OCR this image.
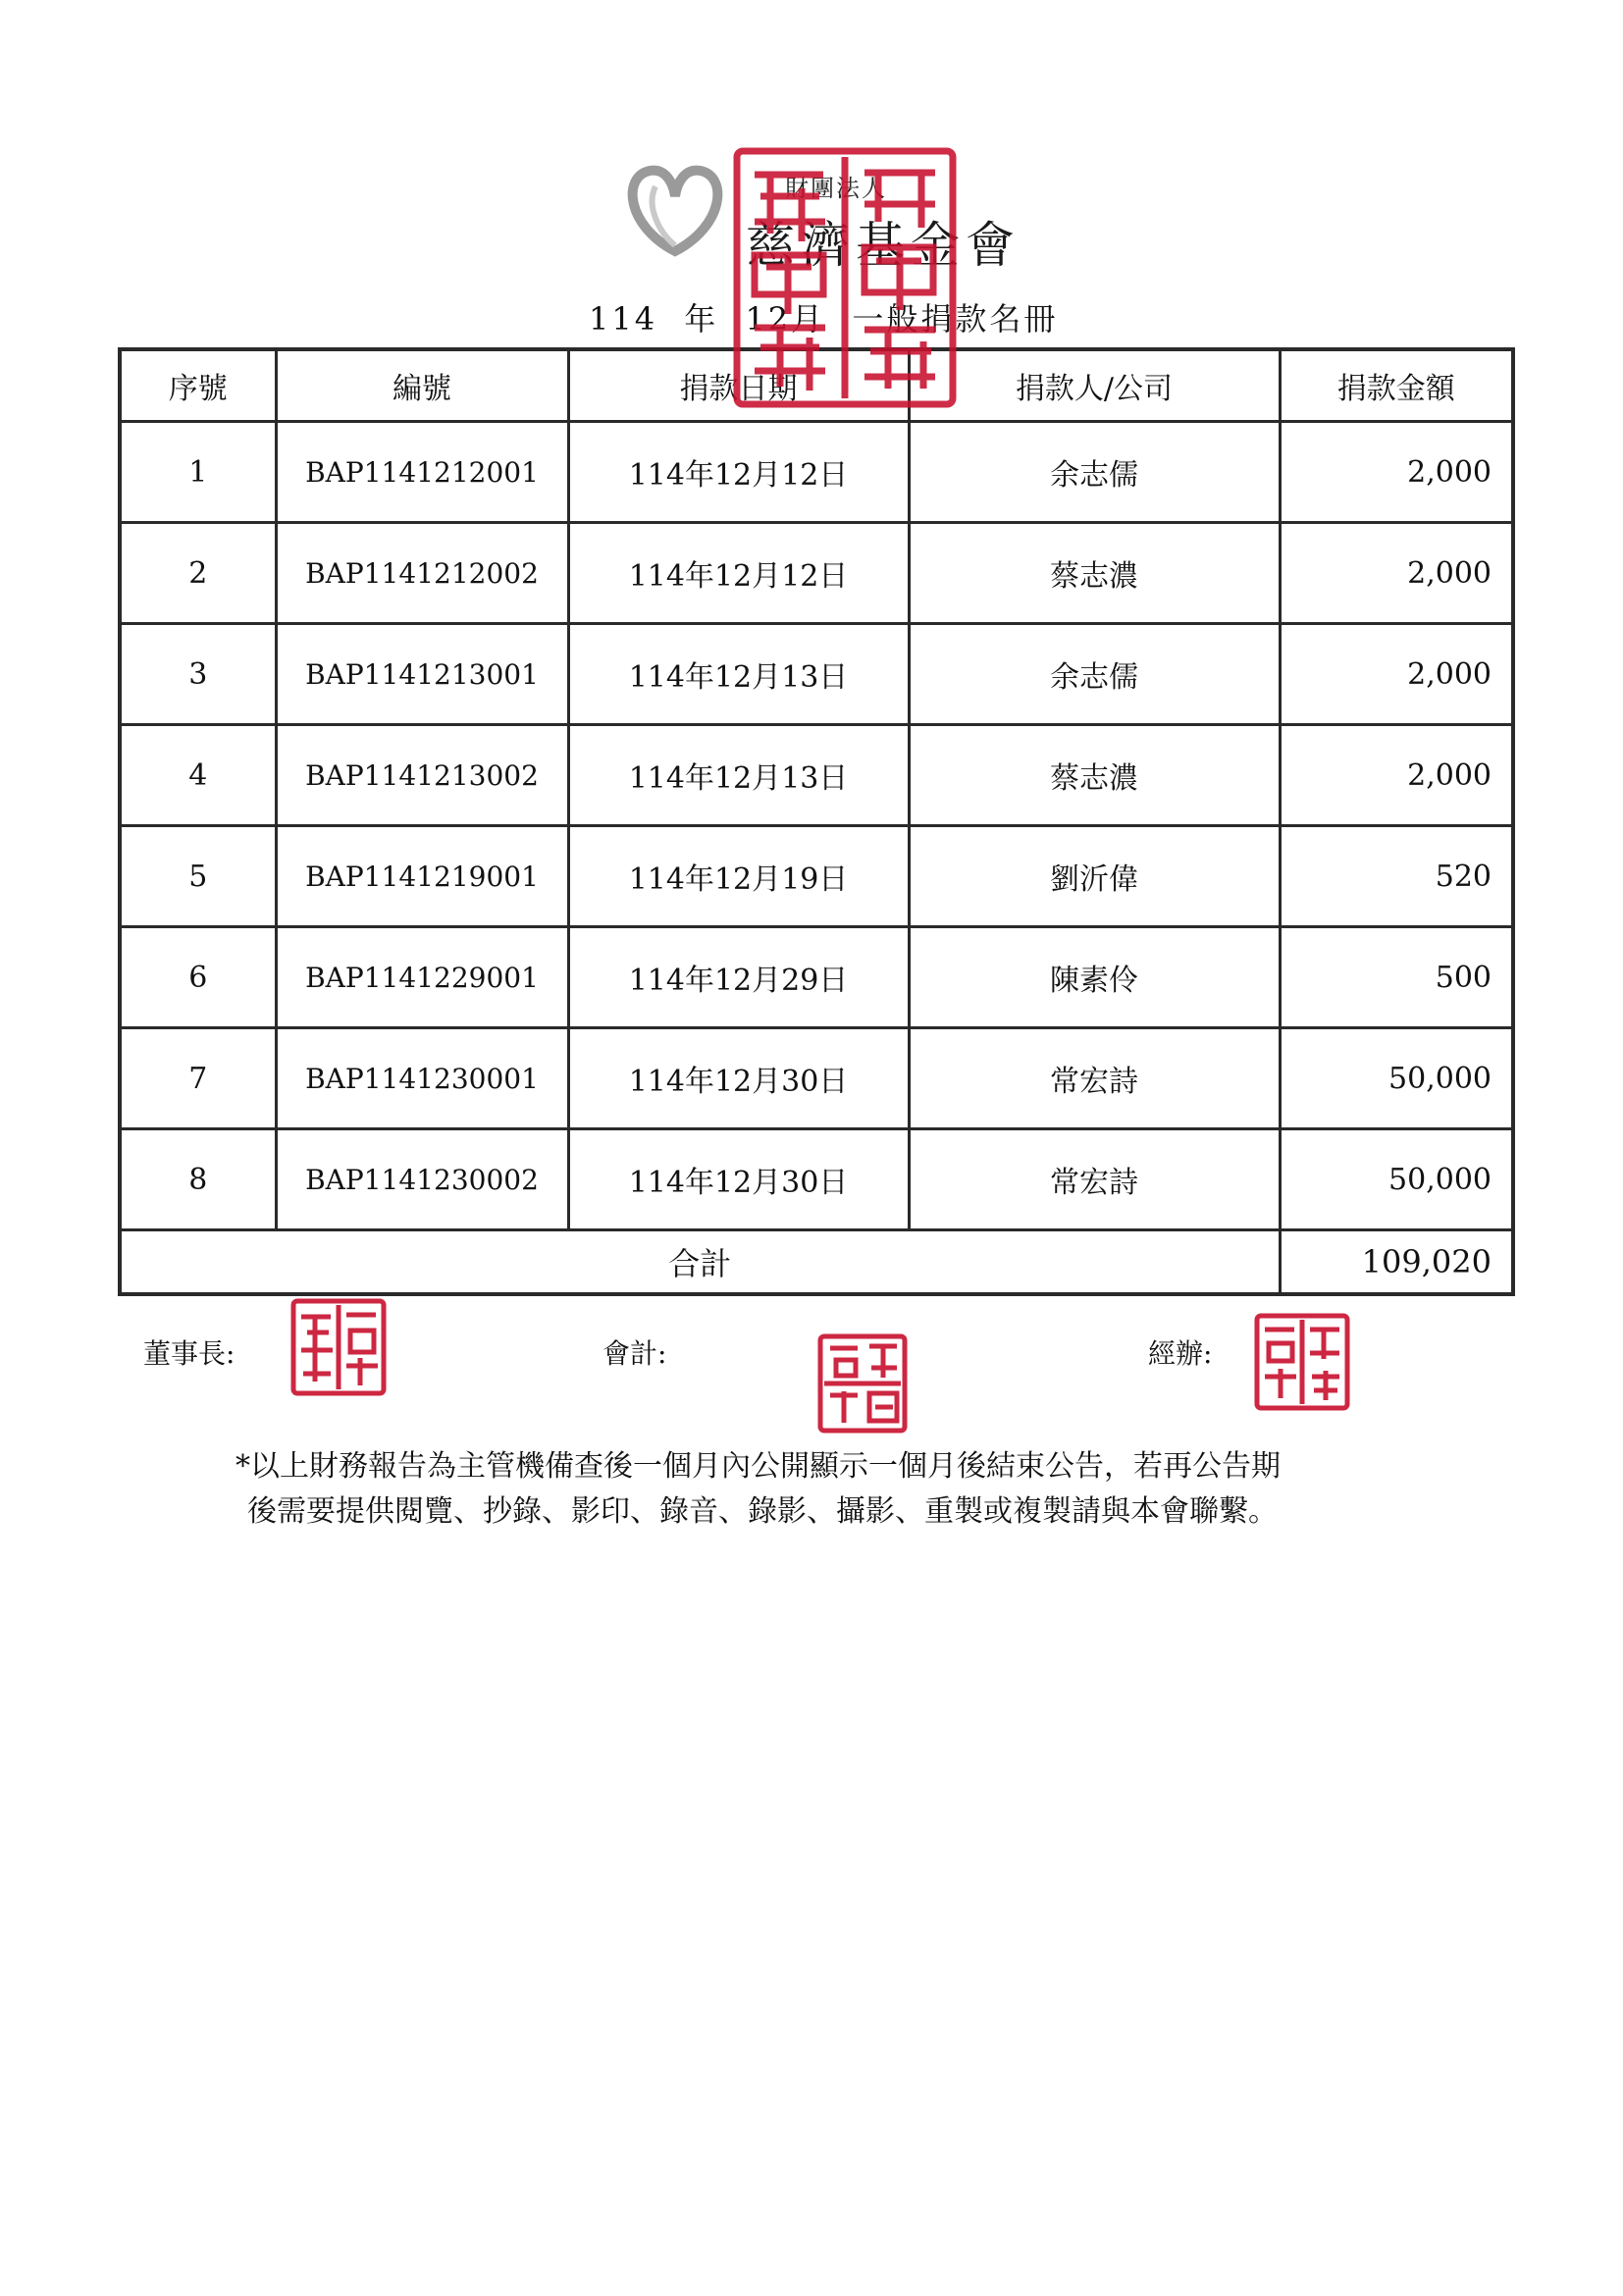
財團法人
慈濟基金會
114 年 12月 一般捐款名冊
序號	編號	捐款日期	捐款人/公司	捐款金額
1	BAP1141212001	114年12月12日	余志儒	2,000
2	BAP1141212002	114年12月12日	蔡志濃	2,000
3	BAP1141213001	114年12月13日	余志儒	2,000
4	BAP1141213002	114年12月13日	蔡志濃	2,000
5	BAP1141219001	114年12月19日	劉沂偉	520
6	BAP1141229001	114年12月29日	陳素伶	500
7	BAP1141230001	114年12月30日	常宏詩	50,000
8	BAP1141230002	114年12月30日	常宏詩	50,000
合計				109,020
董事長:	會計:	經辦:

*以上財務報告為主管機備查後一個月內公開顯示一個月後結束公告，若再公告期

後需要提供閱覽、抄錄、影印、錄音、錄影、攝影、重製或複製請與本會聯繫。
